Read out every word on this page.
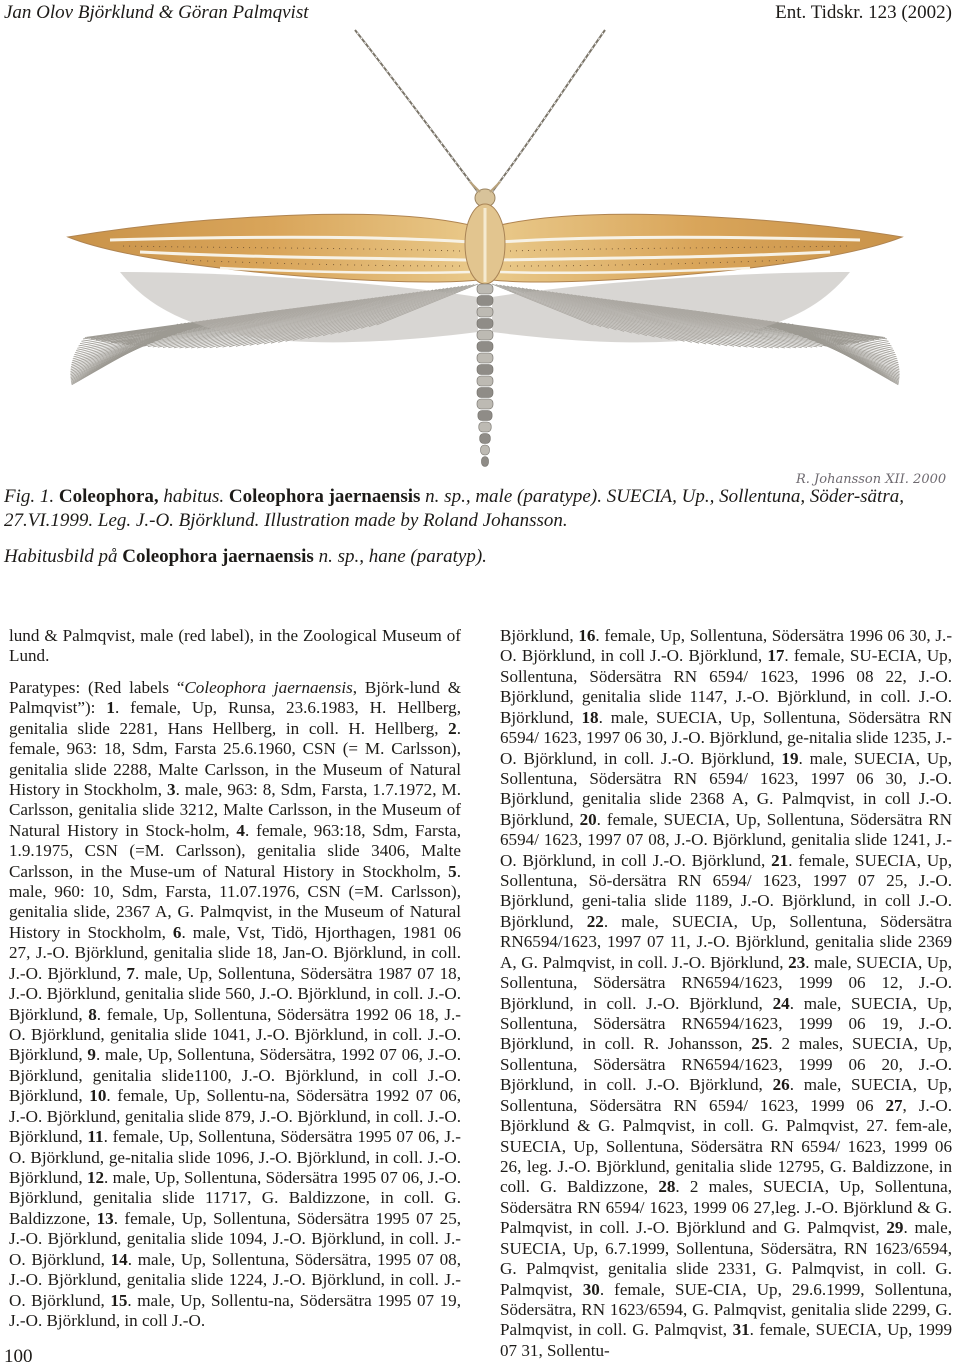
Jan Olov Björklund & Göran Palmqvist	Ent. Tidskr. 123 (2002)
R. Johansson XII. 2000
Fig. 1. Coleophora, habitus. Coleophora jaernaensis n. sp., male (paratype). SUECIA, Up., Sollentuna, Söder-sätra, 27.VI.1999. Leg. J.-O. Björklund. Illustration made by Roland Johansson.
Habitusbild på Coleophora jaernaensis n. sp., hane (paratyp).

lund & Palmqvist, male (red label), in the Zoological Museum of Lund.

Paratypes: (Red labels “Coleophora jaernaensis, Björk-lund & Palmqvist”): 1. female, Up, Runsa, 23.6.1983, H. Hellberg, genitalia slide 2281, Hans Hellberg, in coll. H. Hellberg, 2. female, 963: 18, Sdm, Farsta 25.6.1960, CSN (= M. Carlsson), genitalia slide 2288, Malte Carlsson, in the Museum of Natural History in Stockholm, 3. male, 963: 8, Sdm, Farsta, 1.7.1972, M. Carlsson, genitalia slide 3212, Malte Carlsson, in the Museum of Natural History in Stock-holm, 4. female, 963:18, Sdm, Farsta, 1.9.1975, CSN (=M. Carlsson), genitalia slide 3406, Malte Carlsson, in the Muse-um of Natural History in Stockholm, 5. male, 960: 10, Sdm, Farsta, 11.07.1976, CSN (=M. Carlsson), genitalia slide, 2367 A, G. Palmqvist, in the Museum of Natural History in Stockholm, 6. male, Vst, Tidö, Hjorthagen, 1981 06 27, J.-O. Björklund, genitalia slide 18, Jan-O. Björklund, in coll. J.-O. Björklund, 7. male, Up, Sollentuna, Södersätra 1987 07 18, J.-O. Björklund, genitalia slide 560, J.-O. Björklund, in coll. J.-O. Björklund, 8. female, Up, Sollentuna, Södersätra 1992 06 18, J.-O. Björklund, genitalia slide 1041, J.-O. Björklund, in coll. J.-O. Björklund, 9. male, Up, Sollentuna, Södersätra, 1992 07 06, J.-O. Björklund, genitalia slide1100, J.-O. Björklund, in coll J.-O. Björklund, 10. female, Up, Sollentu-na, Södersätra 1992 07 06, J.-O. Björklund, genitalia slide 879, J.-O. Björklund, in coll. J.-O. Björklund, 11. female, Up, Sollentuna, Södersätra 1995 07 06, J.-O. Björklund, ge-nitalia slide 1096, J.-O. Björklund, in coll. J.-O. Björklund, 12. male, Up, Sollentuna, Södersätra 1995 07 06, J.-O. Björklund, genitalia slide 11717, G. Baldizzone, in coll. G. Baldizzone, 13. female, Up, Sollentuna, Södersätra 1995 07 25, J.-O. Björklund, genitalia slide 1094, J.-O. Björklund, in coll. J.-O. Björklund, 14. male, Up, Sollentuna, Södersätra, 1995 07 08, J.-O. Björklund, genitalia slide 1224, J.-O. Björklund, in coll. J.-O. Björklund, 15. male, Up, Sollentu-na, Södersätra 1995 07 19, J.-O. Björklund, in coll J.-O.

Björklund, 16. female, Up, Sollentuna, Södersätra 1996 06 30, J.-O. Björklund, in coll J.-O. Björklund, 17. female, SU-ECIA, Up, Sollentuna, Södersätra RN 6594/ 1623, 1996 08 22, J.-O. Björklund, genitalia slide 1147, J.-O. Björklund, in coll. J.-O. Björklund, 18. male, SUECIA, Up, Sollentuna, Södersätra RN 6594/ 1623, 1997 06 30, J.-O. Björklund, ge-nitalia slide 1235, J.-O. Björklund, in coll. J.-O. Björklund, 19. male, SUECIA, Up, Sollentuna, Södersätra RN 6594/ 1623, 1997 06 30, J.-O. Björklund, genitalia slide 2368 A, G. Palmqvist, in coll J.-O. Björklund, 20. female, SUECIA, Up, Sollentuna, Södersätra RN 6594/ 1623, 1997 07 08, J.-O. Björklund, genitalia slide 1241, J.-O. Björklund, in coll J.-O. Björklund, 21. female, SUECIA, Up, Sollentuna, Sö-dersätra RN 6594/ 1623, 1997 07 25, J.-O. Björklund, geni-talia slide 1189, J.-O. Björklund, in coll J.-O. Björklund, 22. male, SUECIA, Up, Sollentuna, Södersätra RN6594/1623, 1997 07 11, J.-O. Björklund, genitalia slide 2369 A, G. Palmqvist, in coll. J.-O. Björklund, 23. male, SUECIA, Up, Sollentuna, Södersätra RN6594/1623, 1999 06 12, J.-O. Björklund, in coll. J.-O. Björklund, 24. male, SUECIA, Up, Sollentuna, Södersätra RN6594/1623, 1999 06 19, J.-O. Björklund, in coll. R. Johansson, 25. 2 males, SUECIA, Up, Sollentuna, Södersätra RN6594/1623, 1999 06 20, J.-O. Björklund, in coll. J.-O. Björklund, 26. male, SUECIA, Up, Sollentuna, Södersätra RN 6594/ 1623, 1999 06 27, J.-O. Björklund & G. Palmqvist, in coll. G. Palmqvist, 27. fem-ale, SUECIA, Up, Sollentuna, Södersätra RN 6594/ 1623, 1999 06 26, leg. J.-O. Björklund, genitalia slide 12795, G. Baldizzone, in coll. G. Baldizzone, 28. 2 males, SUECIA, Up, Sollentuna, Södersätra RN 6594/ 1623, 1999 06 27,leg. J.-O. Björklund & G. Palmqvist, in coll. J.-O. Björklund and G. Palmqvist, 29. male, SUECIA, Up, 6.7.1999, Sollentuna, Södersätra, RN 1623/6594, G. Palmqvist, genitalia slide 2331, G. Palmqvist, in coll. G. Palmqvist, 30. female, SUE-CIA, Up, 29.6.1999, Sollentuna, Södersätra, RN 1623/6594, G. Palmqvist, genitalia slide 2299, G. Palmqvist, in coll. G. Palmqvist, 31. female, SUECIA, Up, 1999 07 31, Sollentu-

100
